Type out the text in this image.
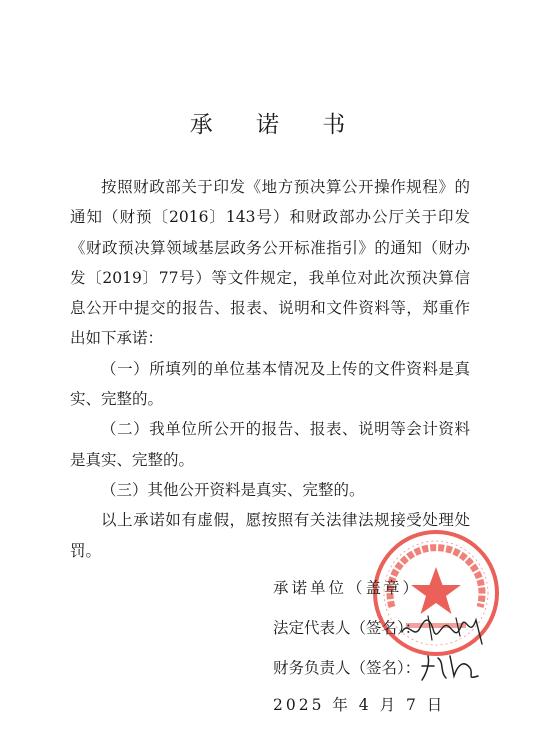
承 诺 书

按照财政部关于印发《地方预决算公开操作规程》的通知（财预〔2016〕143号）和财政部办公厅关于印发《财政预决算领域基层政务公开标准指引》的通知（财办发〔2019〕77号）等文件规定，我单位对此次预决算信息公开中提交的报告、报表、说明和文件资料等，郑重作出如下承诺：

（一）所填列的单位基本情况及上传的文件资料是真实、完整的。

（二）我单位所公开的报告、报表、说明等会计资料是真实、完整的。

（三）其他公开资料是真实、完整的。

以上承诺如有虚假，愿按照有关法律法规接受处理处罚。

承诺单位（盖章）
法定代表人（签名）：
财务负责人（签名）：
2025 年 4 月 7 日
